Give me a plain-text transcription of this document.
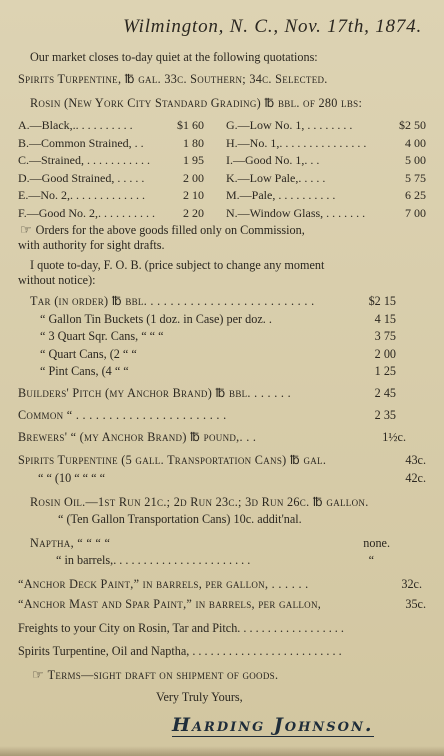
Wilmington, N. C., Nov. 17th, 1874.
Our market closes to-day quiet at the following quotations:
Spirits Turpentine, ℔ gal. 33c. Southern; 34c. Selected.
Rosin (New York City Standard Grading) ℔ bbl. of 280 lbs:
A.—Black,.. . . . . . . . . .	$1 60 G.—Low No. 1, . . . . . . . .	$2 50
B.—Common Strained, . .	1 80 H.—No. 1,. . . . . . . . . . . . . . .	4 00
C.—Strained, . . . . . . . . . . .	1 95 I.—Good No. 1,. . .	5 00
D.—Good Strained, . . . . .	2 00 K.—Low Pale,. . . . .	5 75
E.—No. 2,. . . . . . . . . . . . .	2 10 M.—Pale, . . . . . . . . . .	6 25
F.—Good No. 2,. . . . . . . . . . 2 20 N.—Window Glass, . . . . . . .	7 00
☞ Orders for the above goods filled only on Commission,
with authority for sight drafts.
I quote to-day, F. O. B. (price subject to change any moment
without notice):
Tar (in order) ℔ bbl. . . . . . . . . . . . . . . . . . . . . . . . . .	$2 15
“ Gallon Tin Buckets (1 doz. in Case) per doz. .	4 15
“ 3 Quart Sqr. Cans, “ “ “	3 75
“ Quart Cans, (2 “ “	2 00
“ Pint Cans, (4 “ “	1 25
Builders' Pitch (my Anchor Brand) ℔ bbl. . . . . . .	2 45
Common “ . . . . . . . . . . . . . . . . . . . . . . .	2 35
Brewers' “ (my Anchor Brand) ℔ pound,. . .	1½c.
Spirits Turpentine (5 gall. Transportation Cans) ℔ gal.	43c.
“ “ (10 “ “ “ “	42c.
Rosin Oil.—1st Run 21c.; 2d Run 23c.; 3d Run 26c. ℔ gallon.
“ (Ten Gallon Transportation Cans) 10c. addit'nal.
Naptha, “ “ “ “	none.
“ in barrels,. . . . . . . . . . . . . . . . . . . . . . .	“
“Anchor Deck Paint,” in barrels, per gallon, . . . . . .	32c.
“Anchor Mast and Spar Paint,” in barrels, per gallon,	35c.
Freights to your City on Rosin, Tar and Pitch. . . . . . . . . . . . . . . . . .
Spirits Turpentine, Oil and Naptha, . . . . . . . . . . . . . . . . . . . . . . . . .
☞ Terms—sight draft on shipment of goods.
Very Truly Yours,
Harding Johnson.
